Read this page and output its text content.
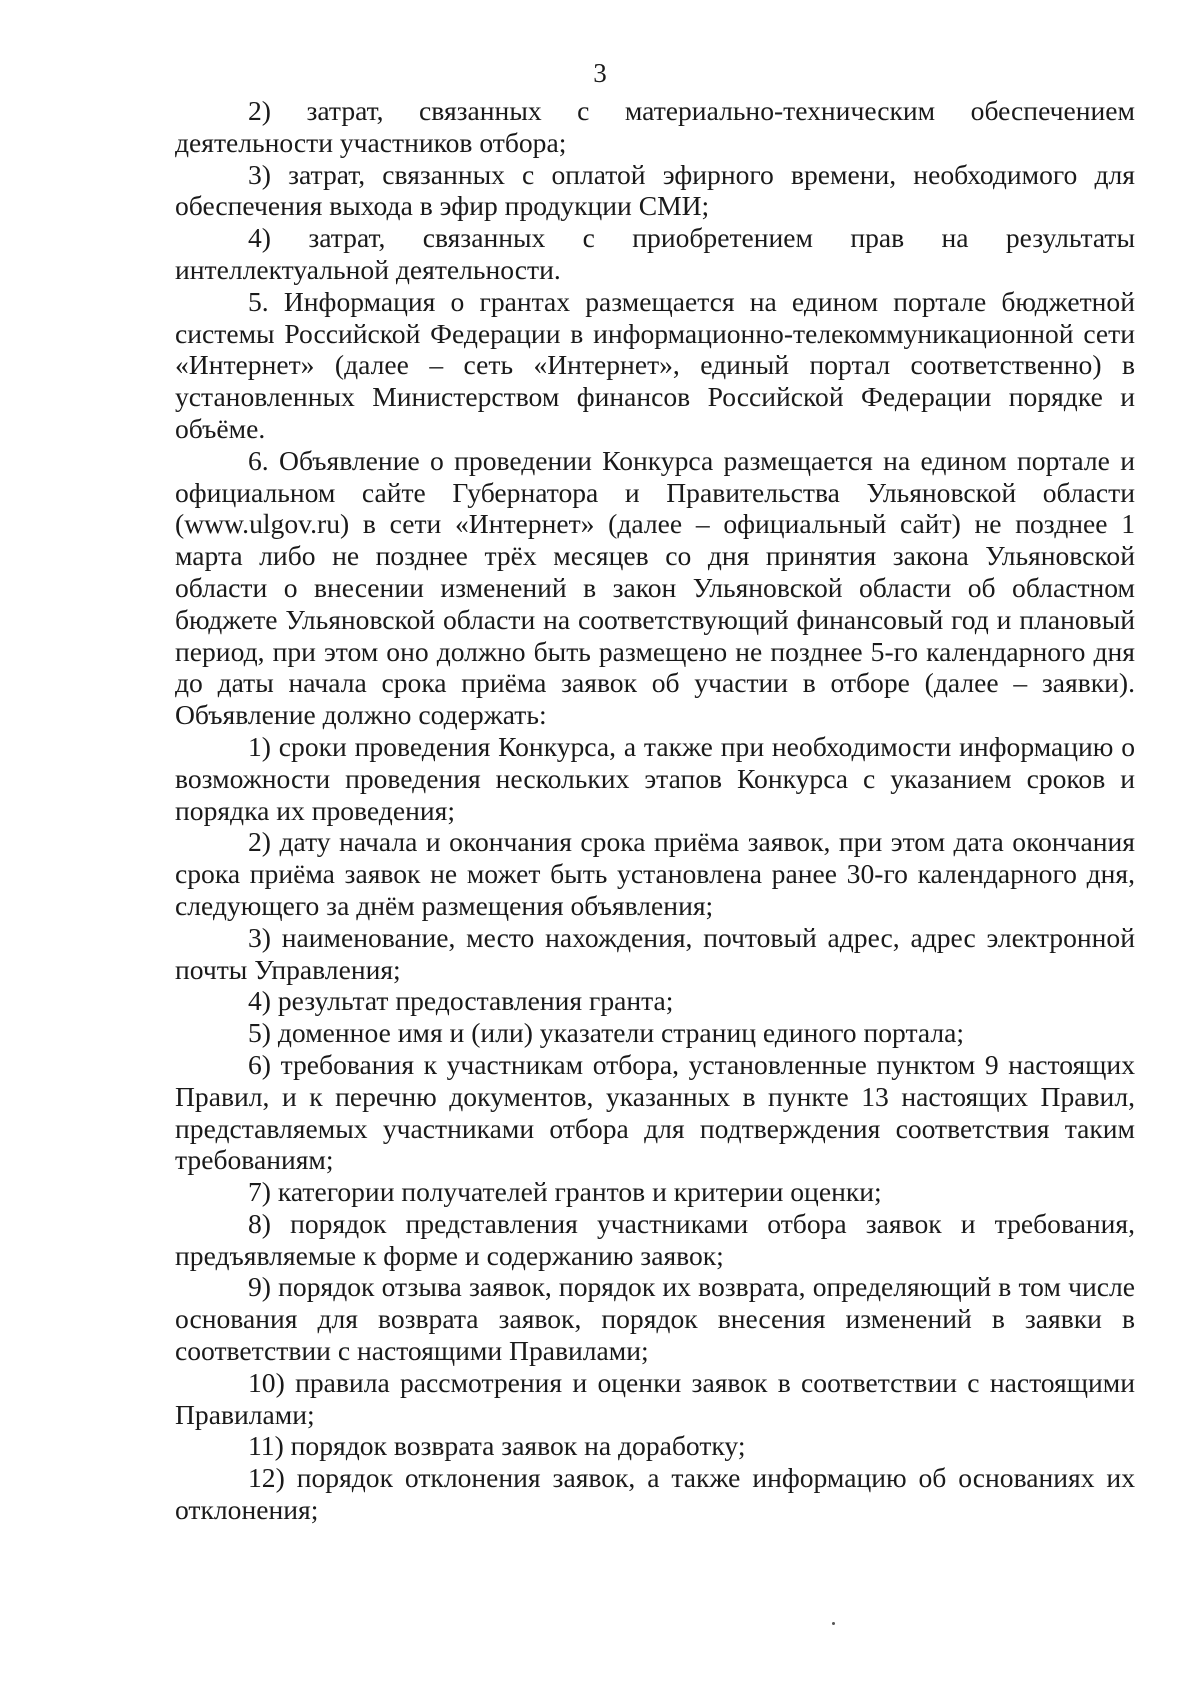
3

2) затрат, связанных с материально-техническим обеспечением деятельности участников отбора;

3) затрат, связанных с оплатой эфирного времени, необходимого для обеспечения выхода в эфир продукции СМИ;

4) затрат, связанных с приобретением прав на результаты интеллектуальной деятельности.

5. Информация о грантах размещается на едином портале бюджетной системы Российской Федерации в информационно-телекоммуникационной сети «Интернет» (далее – сеть «Интернет», единый портал соответственно) в установленных Министерством финансов Российской Федерации порядке и объёме.

6. Объявление о проведении Конкурса размещается на едином портале и официальном сайте Губернатора и Правительства Ульяновской области (www.ulgov.ru) в сети «Интернет» (далее – официальный сайт) не позднее 1 марта либо не позднее трёх месяцев со дня принятия закона Ульяновской области о внесении изменений в закон Ульяновской области об областном бюджете Ульяновской области на соответствующий финансовый год и плановый период, при этом оно должно быть размещено не позднее 5-го календарного дня до даты начала срока приёма заявок об участии в отборе (далее – заявки). Объявление должно содержать:

1) сроки проведения Конкурса, а также при необходимости информацию о возможности проведения нескольких этапов Конкурса с указанием сроков и порядка их проведения;

2) дату начала и окончания срока приёма заявок, при этом дата окончания срока приёма заявок не может быть установлена ранее 30-го календарного дня, следующего за днём размещения объявления;

3) наименование, место нахождения, почтовый адрес, адрес электронной почты Управления;

4) результат предоставления гранта;

5) доменное имя и (или) указатели страниц единого портала;

6) требования к участникам отбора, установленные пунктом 9 настоящих Правил, и к перечню документов, указанных в пункте 13 настоящих Правил, представляемых участниками отбора для подтверждения соответствия таким требованиям;

7) категории получателей грантов и критерии оценки;

8) порядок представления участниками отбора заявок и требования, предъявляемые к форме и содержанию заявок;

9) порядок отзыва заявок, порядок их возврата, определяющий в том числе основания для возврата заявок, порядок внесения изменений в заявки в соответствии с настоящими Правилами;

10) правила рассмотрения и оценки заявок в соответствии с настоящими Правилами;

11) порядок возврата заявок на доработку;

12) порядок отклонения заявок, а также информацию об основаниях их отклонения;
